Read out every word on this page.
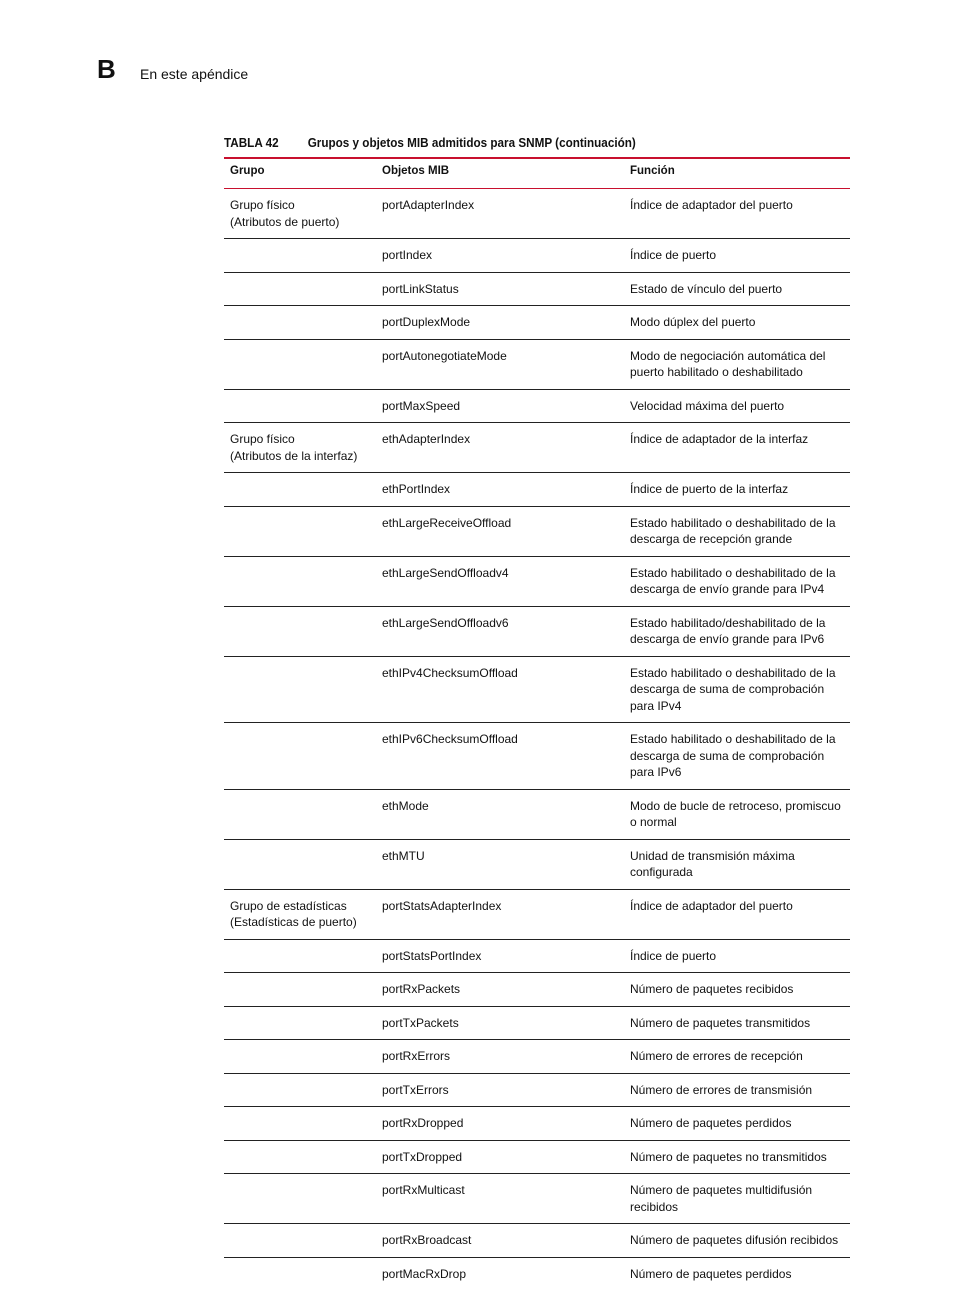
B En este apéndice
TABLA 42 Grupos y objetos MIB admitidos para SNMP (continuación)
Grupo	Objetos MIB	Función
Grupo físico
(Atributos de puerto)	portAdapterIndex	Índice de adaptador del puerto
	portIndex	Índice de puerto
	portLinkStatus	Estado de vínculo del puerto
	portDuplexMode	Modo dúplex del puerto
	portAutonegotiateMode	Modo de negociación automática del puerto habilitado o deshabilitado
	portMaxSpeed	Velocidad máxima del puerto
Grupo físico
(Atributos de la interfaz)	ethAdapterIndex	Índice de adaptador de la interfaz
	ethPortIndex	Índice de puerto de la interfaz
	ethLargeReceiveOffload	Estado habilitado o deshabilitado de la descarga de recepción grande
	ethLargeSendOffloadv4	Estado habilitado o deshabilitado de la descarga de envío grande para IPv4
	ethLargeSendOffloadv6	Estado habilitado/deshabilitado de la descarga de envío grande para IPv6
	ethIPv4ChecksumOffload	Estado habilitado o deshabilitado de la descarga de suma de comprobación para IPv4
	ethIPv6ChecksumOffload	Estado habilitado o deshabilitado de la descarga de suma de comprobación para IPv6
	ethMode	Modo de bucle de retroceso, promiscuo o normal
	ethMTU	Unidad de transmisión máxima configurada
Grupo de estadísticas
(Estadísticas de puerto)	portStatsAdapterIndex	Índice de adaptador del puerto
	portStatsPortIndex	Índice de puerto
	portRxPackets	Número de paquetes recibidos
	portTxPackets	Número de paquetes transmitidos
	portRxErrors	Número de errores de recepción
	portTxErrors	Número de errores de transmisión
	portRxDropped	Número de paquetes perdidos
	portTxDropped	Número de paquetes no transmitidos
	portRxMulticast	Número de paquetes multidifusión recibidos
	portRxBroadcast	Número de paquetes difusión recibidos
	portMacRxDrop	Número de paquetes perdidos
